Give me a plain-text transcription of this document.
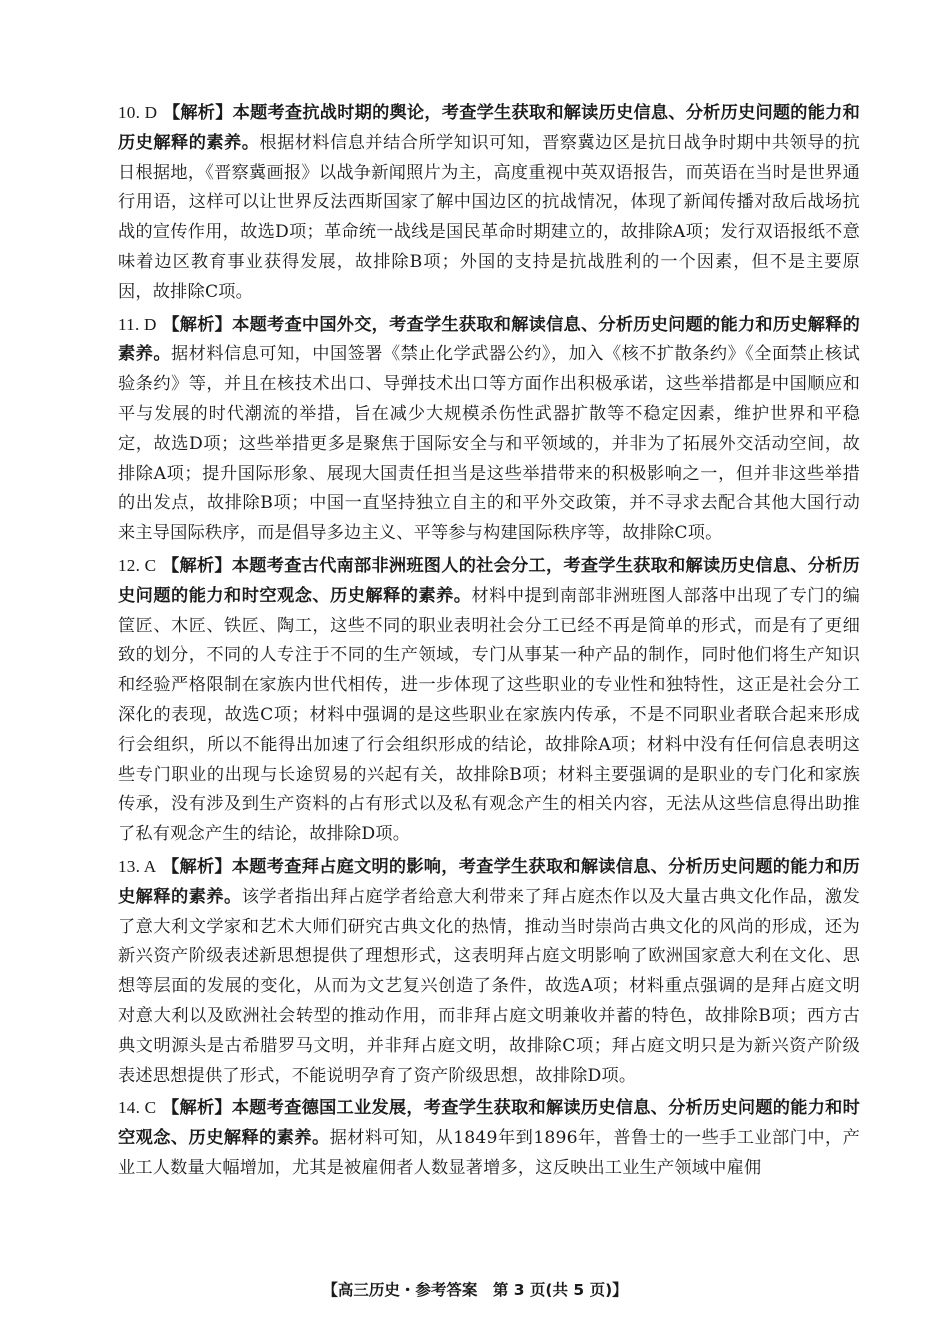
10. D 【解析】本题考查抗战时期的舆论，考查学生获取和解读历史信息、分析历史问题的能力和历史解释的素养。根据材料信息并结合所学知识可知，晋察冀边区是抗日战争时期中共领导的抗日根据地，《晋察冀画报》以战争新闻照片为主，高度重视中英双语报告，而英语在当时是世界通行用语，这样可以让世界反法西斯国家了解中国边区的抗战情况，体现了新闻传播对敌后战场抗战的宣传作用，故选D项；革命统一战线是国民革命时期建立的，故排除A项；发行双语报纸不意味着边区教育事业获得发展，故排除B项；外国的支持是抗战胜利的一个因素，但不是主要原因，故排除C项。
11. D 【解析】本题考查中国外交，考查学生获取和解读信息、分析历史问题的能力和历史解释的素养。据材料信息可知，中国签署《禁止化学武器公约》，加入《核不扩散条约》《全面禁止核试验条约》等，并且在核技术出口、导弹技术出口等方面作出积极承诺，这些举措都是中国顺应和平与发展的时代潮流的举措，旨在减少大规模杀伤性武器扩散等不稳定因素，维护世界和平稳定，故选D项；这些举措更多是聚焦于国际安全与和平领域的，并非为了拓展外交活动空间，故排除A项；提升国际形象、展现大国责任担当是这些举措带来的积极影响之一，但并非这些举措的出发点，故排除B项；中国一直坚持独立自主的和平外交政策，并不寻求去配合其他大国行动来主导国际秩序，而是倡导多边主义、平等参与构建国际秩序等，故排除C项。
12. C 【解析】本题考查古代南部非洲班图人的社会分工，考查学生获取和解读历史信息、分析历史问题的能力和时空观念、历史解释的素养。材料中提到南部非洲班图人部落中出现了专门的编筐匠、木匠、铁匠、陶工，这些不同的职业表明社会分工已经不再是简单的形式，而是有了更细致的划分，不同的人专注于不同的生产领域，专门从事某一种产品的制作，同时他们将生产知识和经验严格限制在家族内世代相传，进一步体现了这些职业的专业性和独特性，这正是社会分工深化的表现，故选C项；材料中强调的是这些职业在家族内传承，不是不同职业者联合起来形成行会组织，所以不能得出加速了行会组织形成的结论，故排除A项；材料中没有任何信息表明这些专门职业的出现与长途贸易的兴起有关，故排除B项；材料主要强调的是职业的专门化和家族传承，没有涉及到生产资料的占有形式以及私有观念产生的相关内容，无法从这些信息得出助推了私有观念产生的结论，故排除D项。
13. A 【解析】本题考查拜占庭文明的影响，考查学生获取和解读信息、分析历史问题的能力和历史解释的素养。该学者指出拜占庭学者给意大利带来了拜占庭杰作以及大量古典文化作品，激发了意大利文学家和艺术大师们研究古典文化的热情，推动当时崇尚古典文化的风尚的形成，还为新兴资产阶级表述新思想提供了理想形式，这表明拜占庭文明影响了欧洲国家意大利在文化、思想等层面的发展的变化，从而为文艺复兴创造了条件，故选A项；材料重点强调的是拜占庭文明对意大利以及欧洲社会转型的推动作用，而非拜占庭文明兼收并蓄的特色，故排除B项；西方古典文明源头是古希腊罗马文明，并非拜占庭文明，故排除C项；拜占庭文明只是为新兴资产阶级表述思想提供了形式，不能说明孕育了资产阶级思想，故排除D项。
14. C 【解析】本题考查德国工业发展，考查学生获取和解读历史信息、分析历史问题的能力和时空观念、历史解释的素养。据材料可知，从1849年到1896年，普鲁士的一些手工业部门中，产业工人数量大幅增加，尤其是被雇佣者人数显著增多，这反映出工业生产领域中雇佣
【高三历史・参考答案　第 3 页(共 5 页)】
